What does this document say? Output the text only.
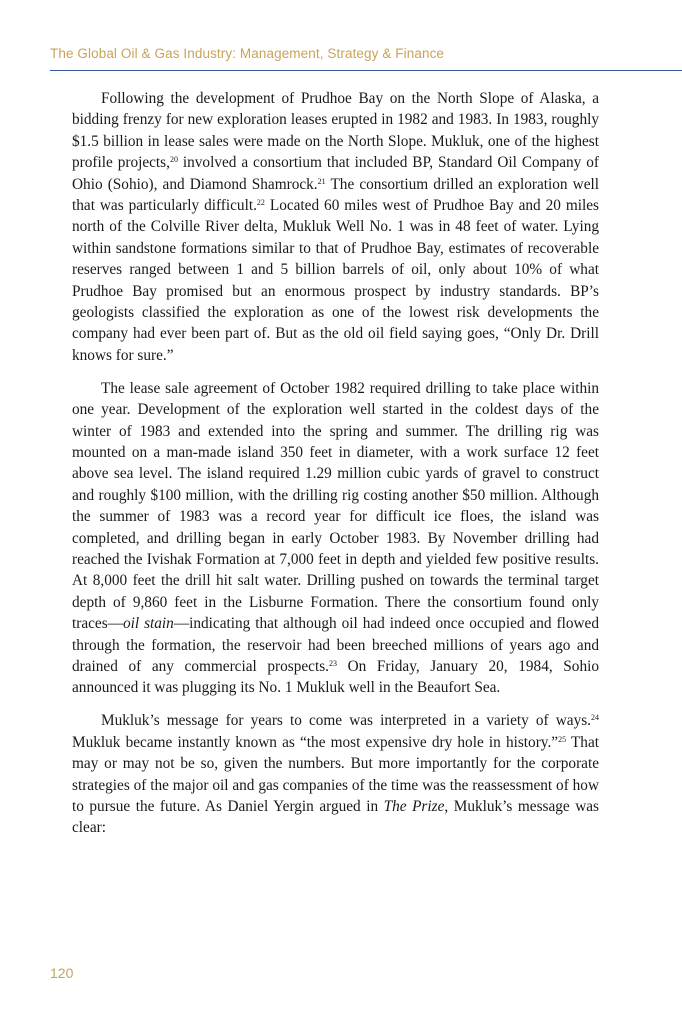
The Global Oil & Gas Industry: Management, Strategy & Finance

Following the development of Prudhoe Bay on the North Slope of Alaska, a bidding frenzy for new exploration leases erupted in 1982 and 1983. In 1983, roughly $1.5 billion in lease sales were made on the North Slope. Mukluk, one of the highest profile projects,$^{20}$ involved a consortium that included BP, Standard Oil Company of Ohio (Sohio), and Diamond Shamrock.$^{21}$ The consortium drilled an exploration well that was particularly difficult.$^{22}$ Located 60 miles west of Prudhoe Bay and 20 miles north of the Colville River delta, Mukluk Well No. 1 was in 48 feet of water. Lying within sandstone formations similar to that of Prudhoe Bay, estimates of recoverable reserves ranged between 1 and 5 billion barrels of oil, only about 10% of what Prudhoe Bay promised but an enormous prospect by industry standards. BP’s geologists classified the exploration as one of the lowest risk developments the company had ever been part of. But as the old oil field saying goes, “Only Dr. Drill knows for sure.”

The lease sale agreement of October 1982 required drilling to take place within one year. Development of the exploration well started in the coldest days of the winter of 1983 and extended into the spring and summer. The drilling rig was mounted on a man-made island 350 feet in diameter, with a work surface 12 feet above sea level. The island required 1.29 million cubic yards of gravel to construct and roughly $100 million, with the drilling rig costing another $50 million. Although the summer of 1983 was a record year for difficult ice floes, the island was completed, and drilling began in early October 1983. By November drilling had reached the Ivishak Formation at 7,000 feet in depth and yielded few positive results. At 8,000 feet the drill hit salt water. Drilling pushed on towards the terminal target depth of 9,860 feet in the Lisburne Formation. There the consortium found only traces—oil stain—indicating that although oil had indeed once occupied and flowed through the formation, the reservoir had been breeched millions of years ago and drained of any commercial prospects.$^{23}$ On Friday, January 20, 1984, Sohio announced it was plugging its No. 1 Mukluk well in the Beaufort Sea.

Mukluk’s message for years to come was interpreted in a variety of ways.$^{24}$ Mukluk became instantly known as “the most expensive dry hole in history.”$^{25}$ That may or may not be so, given the numbers. But more importantly for the corporate strategies of the major oil and gas companies of the time was the reassessment of how to pursue the future. As Daniel Yergin argued in The Prize, Mukluk’s message was clear:

120
